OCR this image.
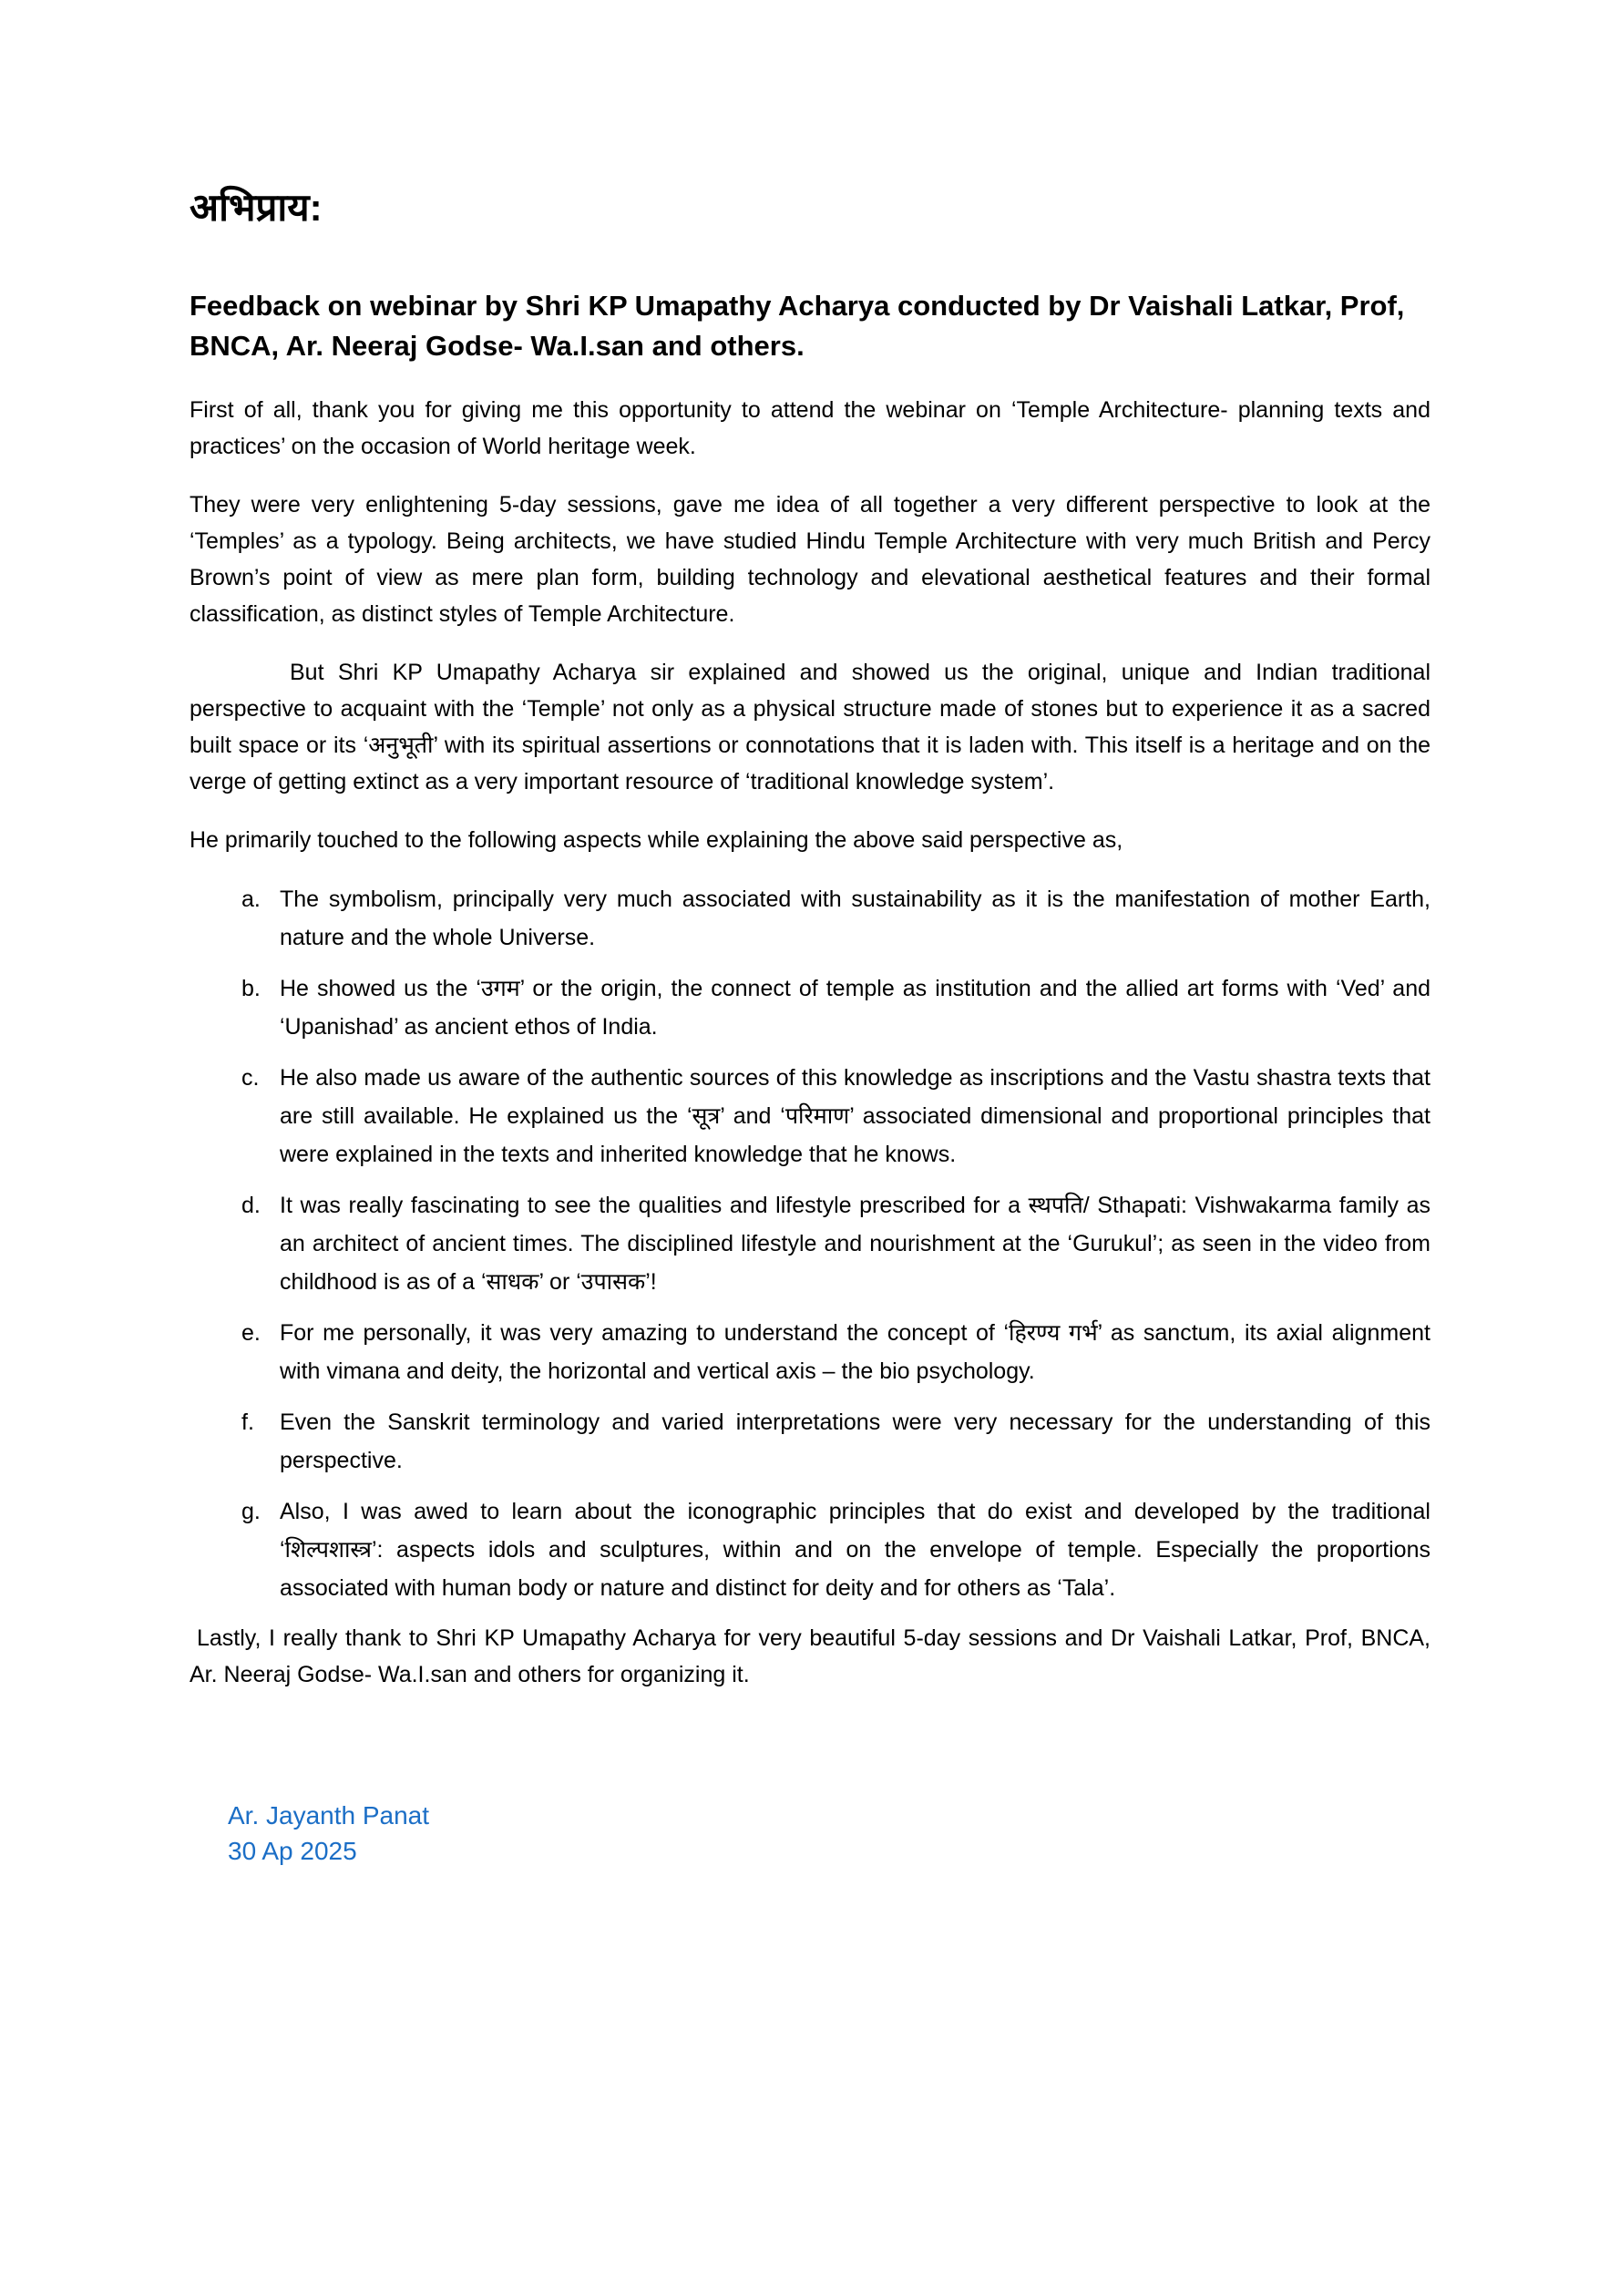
अभिप्राय:
Feedback on webinar by Shri KP Umapathy Acharya conducted by Dr Vaishali Latkar, Prof, BNCA, Ar. Neeraj Godse- Wa.I.san and others.

First of all, thank you for giving me this opportunity to attend the webinar on ‘Temple Architecture- planning texts and practices’ on the occasion of World heritage week.

They were very enlightening 5-day sessions, gave me idea of all together a very different perspective to look at the ‘Temples’ as a typology. Being architects, we have studied Hindu Temple Architecture with very much British and Percy Brown’s point of view as mere plan form, building technology and elevational aesthetical features and their formal classification, as distinct styles of Temple Architecture.

But Shri KP Umapathy Acharya sir explained and showed us the original, unique and Indian traditional perspective to acquaint with the ‘Temple’ not only as a physical structure made of stones but to experience it as a sacred built space or its ‘अनुभूती’ with its spiritual assertions or connotations that it is laden with. This itself is a heritage and on the verge of getting extinct as a very important resource of ‘traditional knowledge system’.

He primarily touched to the following aspects while explaining the above said perspective as,

a. The symbolism, principally very much associated with sustainability as it is the manifestation of mother Earth, nature and the whole Universe.
b. He showed us the ‘उगम’ or the origin, the connect of temple as institution and the allied art forms with ‘Ved’ and ‘Upanishad’ as ancient ethos of India.
c. He also made us aware of the authentic sources of this knowledge as inscriptions and the Vastu shastra texts that are still available. He explained us the ‘सूत्र’ and ‘परिमाण’ associated dimensional and proportional principles that were explained in the texts and inherited knowledge that he knows.
d. It was really fascinating to see the qualities and lifestyle prescribed for a स्थपति/ Sthapati: Vishwakarma family as an architect of ancient times. The disciplined lifestyle and nourishment at the ‘Gurukul’; as seen in the video from childhood is as of a ‘साधक’ or ‘उपासक’!
e. For me personally, it was very amazing to understand the concept of ‘हिरण्य गर्भ’ as sanctum, its axial alignment with vimana and deity, the horizontal and vertical axis – the bio psychology.
f. Even the Sanskrit terminology and varied interpretations were very necessary for the understanding of this perspective.
g. Also, I was awed to learn about the iconographic principles that do exist and developed by the traditional ‘शिल्पशास्त्र’: aspects idols and sculptures, within and on the envelope of temple. Especially the proportions associated with human body or nature and distinct for deity and for others as ‘Tala’.

Lastly, I really thank to Shri KP Umapathy Acharya for very beautiful 5-day sessions and Dr Vaishali Latkar, Prof, BNCA, Ar. Neeraj Godse- Wa.I.san and others for organizing it.

Ar. Jayanth Panat
30 Ap 2025
